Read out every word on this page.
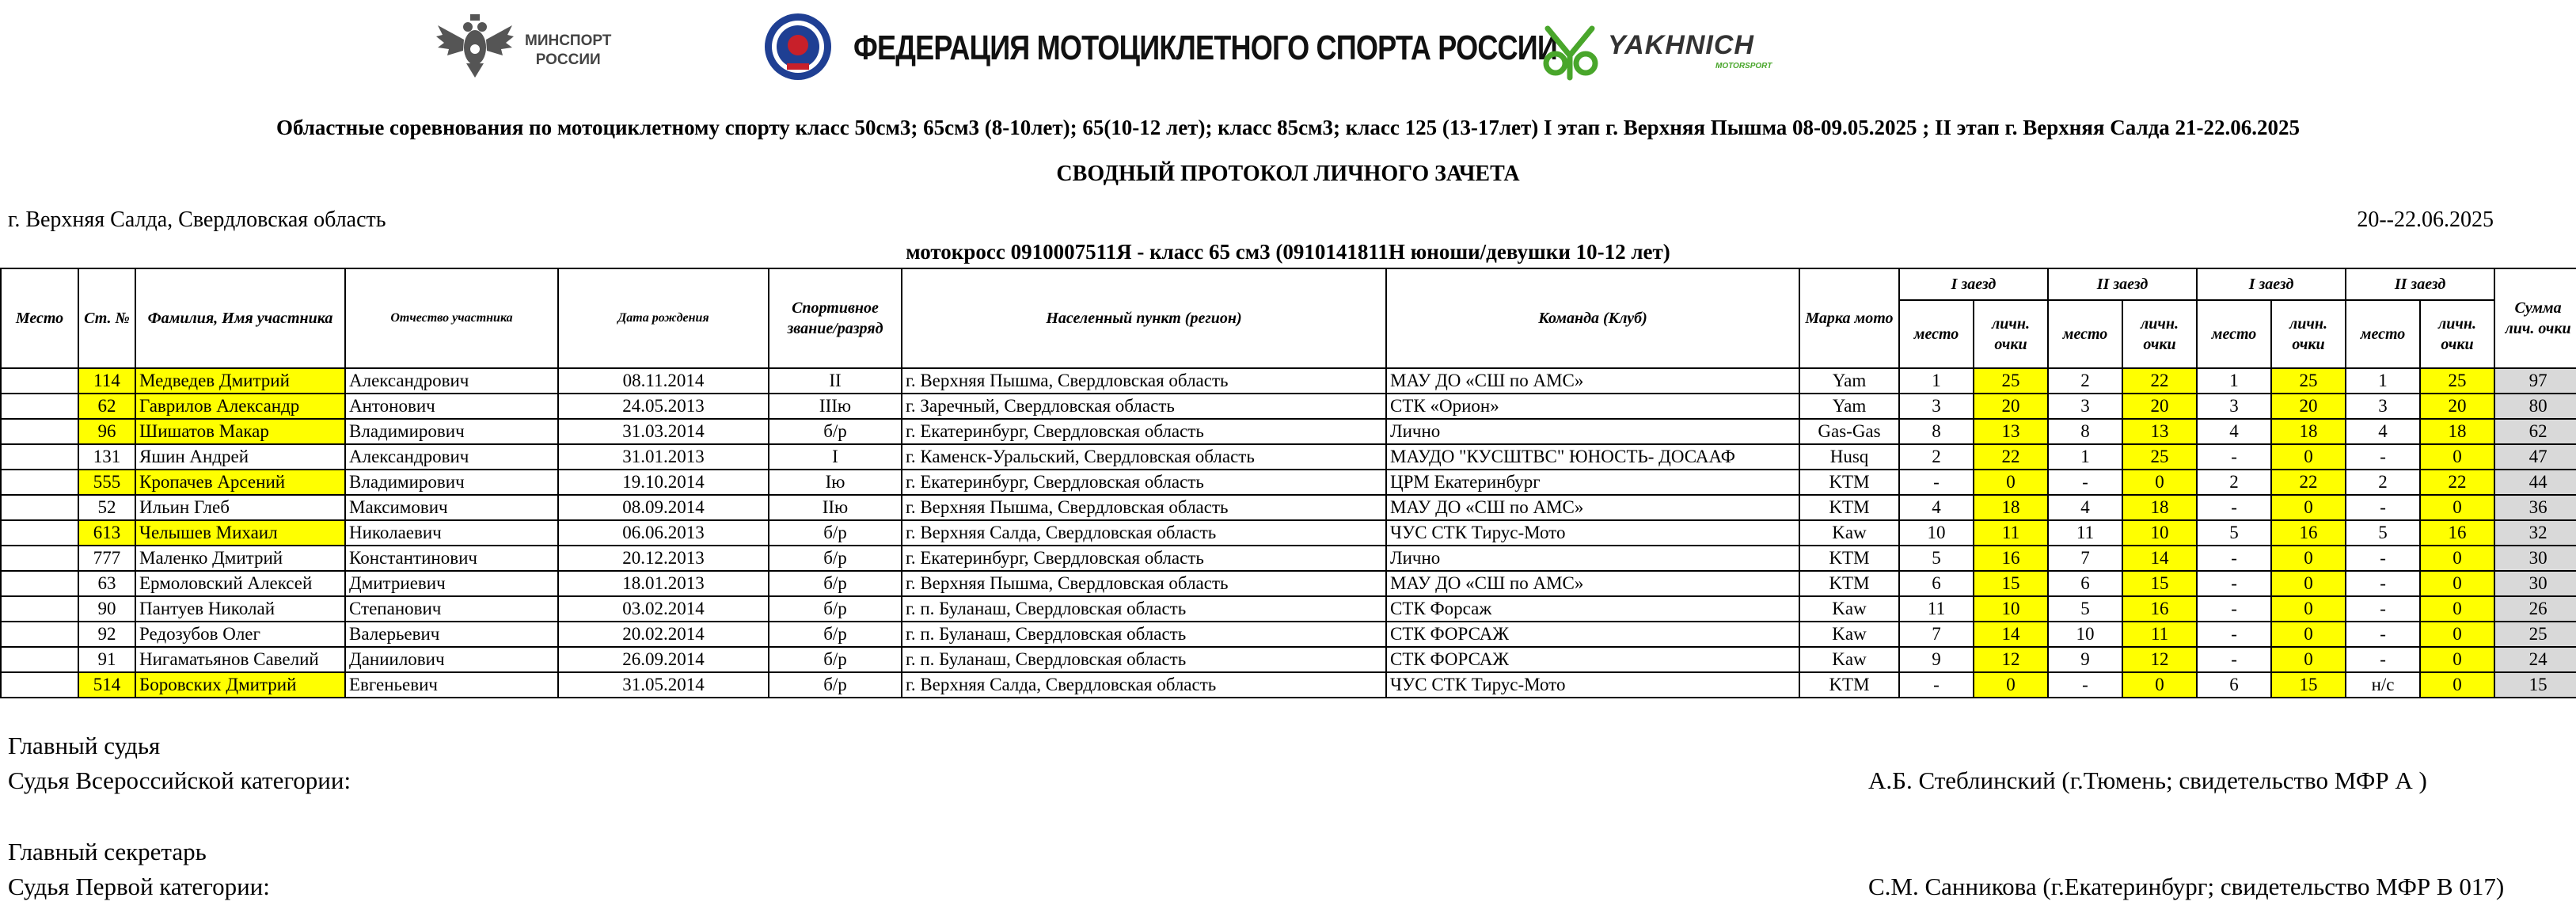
МИНСПОРТ
РОССИИ	ФЕДЕРАЦИЯ МОТОЦИКЛЕТНОГО СПОРТА РОССИИ YAKHNICH
MOTORSPORT
Областные соревнования по мотоциклетному спорту класс 50см3; 65см3 (8-10лет); 65(10-12 лет); класс 85см3; класс 125 (13-17лет) I этап г. Верхняя Пышма 08-09.05.2025 ; II этап г. Верхняя Салда 21-22.06.2025
СВОДНЫЙ ПРОТОКОЛ ЛИЧНОГО ЗАЧЕТА
г. Верхняя Салда, Свердловская область	20--22.06.2025
мотокросс 0910007511Я - класс 65 см3 (0910141811Н юноши/девушки 10-12 лет)
Место	Ст. №	Фамилия, Имя участника	Отчество участника	Дата рождения	Спортивное звание/разряд	Населенный пункт (регион)	Команда (Клуб)	Марка мото	I заезд		II заезд		I заезд		II заезд		Сумма лич. очки
									место	личн. очки	место	личн. очки	место	личн. очки	место	личн. очки	
	114	Медведев Дмитрий	Александрович	08.11.2014	II	г. Верхняя Пышма, Свердловская область	МАУ ДО «СШ по АМС»	Yam	1	25	2	22	1	25	1	25	97
	62	Гаврилов Александр	Антонович	24.05.2013	IIIю	г. Заречный, Свердловская область	СТК «Орион»	Yam	3	20	3	20	3	20	3	20	80
	96	Шишатов Макар	Владимирович	31.03.2014	б/р	г. Екатеринбург, Свердловская область	Лично	Gas-Gas	8	13	8	13	4	18	4	18	62
	131	Яшин Андрей	Александрович	31.01.2013	I	г. Каменск-Уральский, Свердловская область	МАУДО "КУСШТВС" ЮНОСТЬ- ДОСААФ	Husq	2	22	1	25	-	0	-	0	47
	555	Кропачев Арсений	Владимирович	19.10.2014	Iю	г. Екатеринбург, Свердловская область	ЦРМ Екатеринбург	KTM	-	0	-	0	2	22	2	22	44
	52	Ильин Глеб	Максимович	08.09.2014	IIю	г. Верхняя Пышма, Свердловская область	МАУ ДО «СШ по АМС»	KTM	4	18	4	18	-	0	-	0	36
	613	Челышев Михаил	Николаевич	06.06.2013	б/р	г. Верхняя Салда, Свердловская область	ЧУС СТК Тирус-Мото	Kaw	10	11	11	10	5	16	5	16	32
	777	Маленко Дмитрий	Константинович	20.12.2013	б/р	г. Екатеринбург, Свердловская область	Лично	KTM	5	16	7	14	-	0	-	0	30
	63	Ермоловский Алексей	Дмитриевич	18.01.2013	б/р	г. Верхняя Пышма, Свердловская область	МАУ ДО «СШ по АМС»	KTM	6	15	6	15	-	0	-	0	30
	90	Пантуев Николай	Степанович	03.02.2014	б/р	г. п. Буланаш, Свердловская область	СТК Форсаж	Kaw	11	10	5	16	-	0	-	0	26
	92	Редозубов Олег	Валерьевич	20.02.2014	б/р	г. п. Буланаш, Свердловская область	СТК ФОРСАЖ	Kaw	7	14	10	11	-	0	-	0	25
	91	Нигаматьянов Савелий	Даниилович	26.09.2014	б/р	г. п. Буланаш, Свердловская область	СТК ФОРСАЖ	Kaw	9	12	9	12	-	0	-	0	24
	514	Боровских Дмитрий	Евгеньевич	31.05.2014	б/р	г. Верхняя Салда, Свердловская область	ЧУС СТК Тирус-Мото	KTM	-	0	-	0	6	15	н/с	0	15
Главный судья
Судья Всероссийской категории:	А.Б. Стеблинский (г.Тюмень; свидетельство МФР А )
Главный секретарь
Судья Первой категории:	С.М. Санникова (г.Екатеринбург; свидетельство МФР В 017)
